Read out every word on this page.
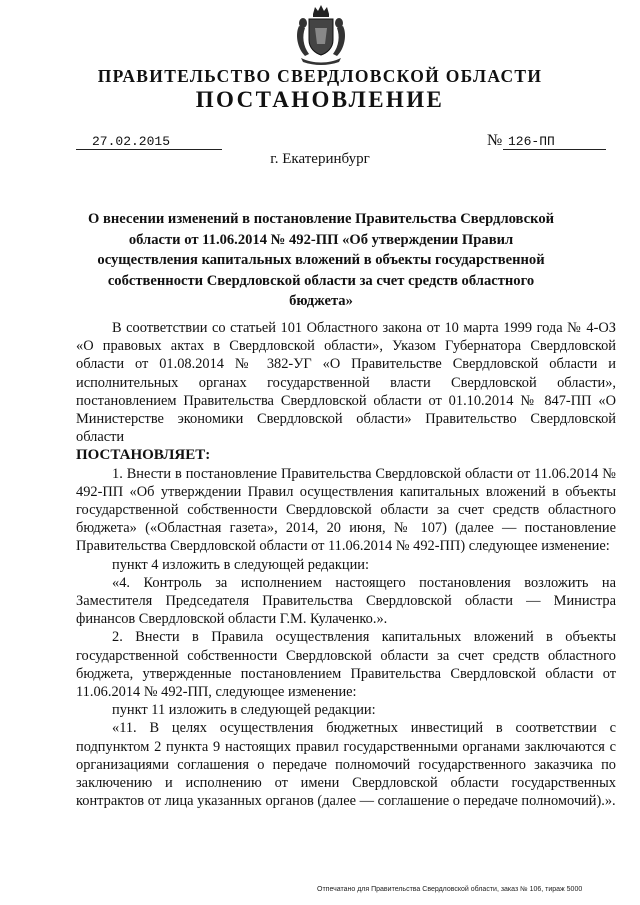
ПРАВИТЕЛЬСТВО СВЕРДЛОВСКОЙ ОБЛАСТИ
ПОСТАНОВЛЕНИЕ
27.02.2015	№ 126-ПП
г. Екатеринбург
О внесении изменений в постановление Правительства Свердловской области от 11.06.2014 № 492-ПП «Об утверждении Правил осуществления капитальных вложений в объекты государственной собственности Свердловской области за счет средств областного бюджета»

В соответствии со статьей 101 Областного закона от 10 марта 1999 года № 4-ОЗ «О правовых актах в Свердловской области», Указом Губернатора Свердловской области от 01.08.2014 № 382-УГ «О Правительстве Свердловской области и исполнительных органах государственной власти Свердловской области», постановлением Правительства Свердловской области от 01.10.2014 № 847-ПП «О Министерстве экономики Свердловской области» Правительство Свердловской области

ПОСТАНОВЛЯЕТ:

1. Внести в постановление Правительства Свердловской области от 11.06.2014 № 492-ПП «Об утверждении Правил осуществления капитальных вложений в объекты государственной собственности Свердловской области за счет средств областного бюджета» («Областная газета», 2014, 20 июня, № 107) (далее — постановление Правительства Свердловской области от 11.06.2014 № 492-ПП) следующее изменение:

пункт 4 изложить в следующей редакции:

«4. Контроль за исполнением настоящего постановления возложить на Заместителя Председателя Правительства Свердловской области — Министра финансов Свердловской области Г.М. Кулаченко.».

2. Внести в Правила осуществления капитальных вложений в объекты государственной собственности Свердловской области за счет средств областного бюджета, утвержденные постановлением Правительства Свердловской области от 11.06.2014 № 492-ПП, следующее изменение:

пункт 11 изложить в следующей редакции:

«11. В целях осуществления бюджетных инвестиций в соответствии с подпунктом 2 пункта 9 настоящих правил государственными органами заключаются с организациями соглашения о передаче полномочий государственного заказчика по заключению и исполнению от имени Свердловской области государственных контрактов от лица указанных органов (далее — соглашение о передаче полномочий).».

Отпечатано для Правительства Свердловской области, заказ № 106, тираж 5000
